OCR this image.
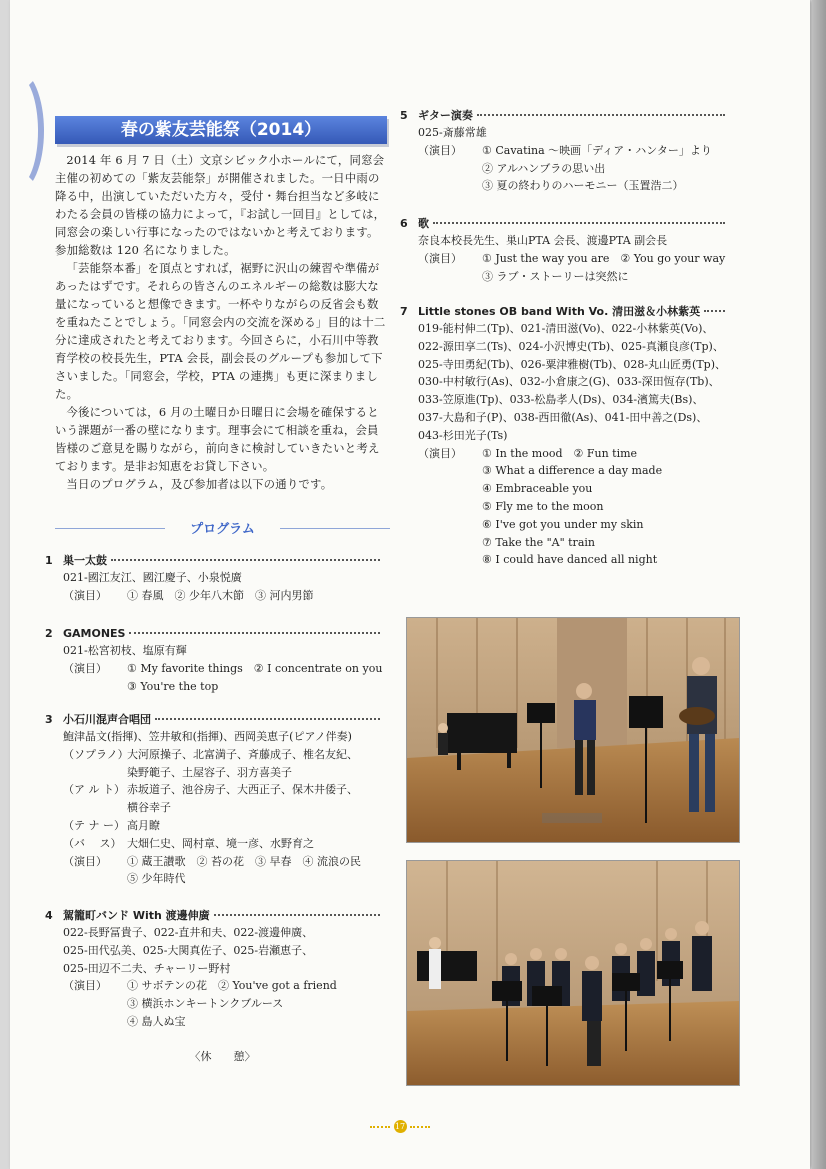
春の紫友芸能祭（2014）

2014 年 6 月 7 日（土）文京シビック小ホールにて，同窓会主催の初めての「紫友芸能祭」が開催されました。一日中雨の降る中，出演していただいた方々，受付・舞台担当など多岐にわたる会員の皆様の協力によって，『お試し一回目』としては，同窓会の楽しい行事になったのではないかと考えております。参加総数は 120 名になりました。

「芸能祭本番」を頂点とすれば，裾野に沢山の練習や準備があったはずです。それらの皆さんのエネルギーの総数は膨大な量になっていると想像できます。一杯やりながらの反省会も数を重ねたことでしょう。「同窓会内の交流を深める」目的は十二分に達成されたと考えております。今回さらに，小石川中等教育学校の校長先生，PTA 会長，副会長のグループも参加して下さいました。「同窓会，学校，PTA の連携」も更に深まりました。

今後については，6 月の土曜日か日曜日に会場を確保するという課題が一番の壁になります。理事会にて相談を重ね，会員皆様のご意見を賜りながら，前向きに検討していきたいと考えております。是非お知恵をお貸し下さい。

当日のプログラム，及び参加者は以下の通りです。

プログラム
1 巣一太鼓
021-國江友江、國江慶子、小泉悦廣
（演目） ① 春風　② 少年八木節　③ 河内男節
2 GAMONES
021-松宮初枝、塩原有輝
（演目） ① My favorite things　② I concentrate on you
③ You're the top
3 小石川混声合唱団
鮑津晶文(指揮)、笠井敏和(指揮)、西岡美恵子(ピアノ伴奏)
（ソプラノ）大河原操子、北富満子、斉藤成子、椎名友紀、
染野範子、土屋容子、羽方喜美子
（ア ル ト） 赤坂道子、池谷房子、大西正子、保木井倭子、
横谷幸子
（テ ナ ー） 高月瞭
（バ　 ス） 大畑仁史、岡村章、境一彦、水野育之
（演目） ① 蔵王讃歌　② 苔の花　③ 早春　④ 流浪の民
⑤ 少年時代
4 駕籠町バンド With 渡邊伸廣
022-長野冨貴子、022-直井和夫、022-渡邊伸廣、
025-田代弘美、025-大関真佐子、025-岩瀬恵子、
025-田辺不二夫、チャーリー野村
（演目） ① サボテンの花　② You've got a friend
③ 横浜ホンキートンクブルース
④ 島人ぬ宝
5 ギター演奏
025-斎藤常雄
（演目） ① Cavatina ～映画「ディア・ハンター」より
② アルハンブラの思い出
③ 夏の終わりのハーモニー（玉置浩二）
6 歌
奈良本校長先生、巣山PTA 会長、渡邊PTA 副会長
（演目） ① Just the way you are　② You go your way
③ ラブ・ストーリーは突然に
7 Little stones OB band With Vo. 清田滋＆小林紫英
019-能村伸二(Tp)、021-清田滋(Vo)、022-小林紫英(Vo)、
022-源田享二(Ts)、024-小沢博史(Tb)、025-真瀬良彦(Tp)、
025-寺田勇紀(Tb)、026-粟津雅樹(Tb)、028-丸山匠勇(Tp)、
030-中村敏行(As)、032-小倉康之(G)、033-深田恆存(Tb)、
033-笠原進(Tp)、033-松島孝人(Ds)、034-濱篤夫(Bs)、
037-大島和子(P)、038-西田徹(As)、041-田中善之(Ds)、
043-杉田光子(Ts)
（演目） ① In the mood　② Fun time
③ What a difference a day made
④ Embraceable you
⑤ Fly me to the moon
⑥ I've got you under my skin
⑦ Take the "A" train
⑧ I could have danced all night
〈休　　憩〉
17
